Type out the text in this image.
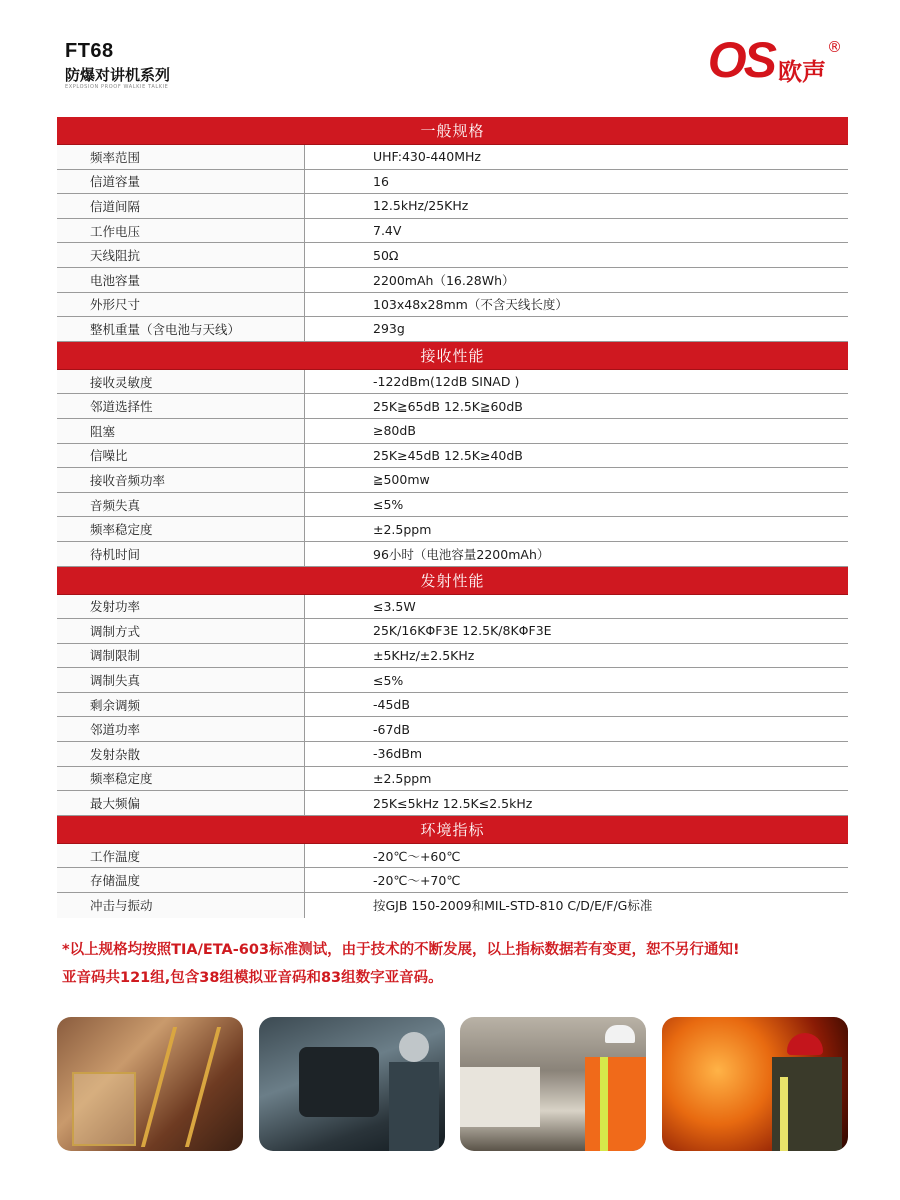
FT68
防爆对讲机系列
EXPLOSION PROOF WALKIE TALKIE	OS 欧声
®
一般规格
频率范围	UHF:430-440MHz
信道容量	16
信道间隔	12.5kHz/25KHz
工作电压	7.4V
天线阻抗	50Ω
电池容量	2200mAh（16.28Wh）
外形尺寸	103x48x28mm（不含天线长度）
整机重量（含电池与天线）	293g
接收性能
接收灵敏度	-122dBm(12dB SINAD )
邻道选择性	25K≧65dB 12.5K≧60dB
阻塞	≥80dB
信噪比	25K≥45dB 12.5K≥40dB
接收音频功率	≧500mw
音频失真	≤5%
频率稳定度	±2.5ppm
待机时间	96小时（电池容量2200mAh）
发射性能
发射功率	≤3.5W
调制方式	25K/16KΦF3E 12.5K/8KΦF3E
调制限制	±5KHz/±2.5KHz
调制失真	≤5%
剩余调频	-45dB
邻道功率	-67dB
发射杂散	-36dBm
频率稳定度	±2.5ppm
最大频偏	25K≤5kHz 12.5K≤2.5kHz
环境指标
工作温度	-20℃～+60℃
存储温度	-20℃～+70℃
冲击与振动	按GJB 150-2009和MIL-STD-810 C/D/E/F/G标准
*以上规格均按照TIA/ETA-603标准测试，由于技术的不断发展，以上指标数据若有变更，恕不另行通知!
亚音码共121组,包含38组模拟亚音码和83组数字亚音码。
